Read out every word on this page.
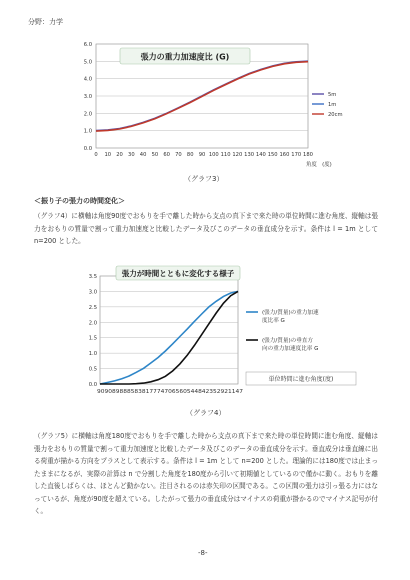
分野：力学
0.0
1.0
2.0
3.0
4.0
5.0
6.0
0 10 20 30 40 50 60 70 80 90 100 110 120 130 140 150 160 170 180
5m
1m
20cm
張力の重力加速度比 (G)
角度　(度)
（グラフ3）
＜振り子の張力の時間変化＞
（グラフ4）に横軸は角度90度でおもりを手で離した時から支点の真下まで来た時の単位時間に進む角度、縦軸は張力をおもりの質量で割って重力加速度と比較したデータ及びこのデータの垂直成分を示す。条件は l = 1m として n=200 とした。
0.0
0.5
1.0
1.5
2.0
2.5
3.0
3.5
909089888583817774706560544842352921147
張力が時間とともに変化する様子
(張力/質量)の重力加速度比率 G
(張力/質量)の垂直方向の重力加速度比率 G
単位時間に進む角度(度)
（グラフ4）
（グラフ5）に横軸は角度180度でおもりを手で離した時から支点の真下まで来た時の単位時間に進む角度、縦軸は張力をおもりの質量で割って重力加速度と比較したデータ及びこのデータの垂直成分を示す。垂直成分は垂直線に出る荷重が描かる方向をプラスとして表示する。条件は l = 1m として n=200 とした。理論的には180度では止まったままになるが、実際の計算は n で分割した角度を180度から引いて初期値としているので僅かに動く。おもりを離した直後しばらくは、ほとんど動かない。注目されるのは赤矢印の区間である。この区間の張力は引っ張る力にはなっているが、角度が90度を超えている。したがって張力の垂直成分はマイナスの荷重が掛かるのでマイナス記号が付く。
-8-
